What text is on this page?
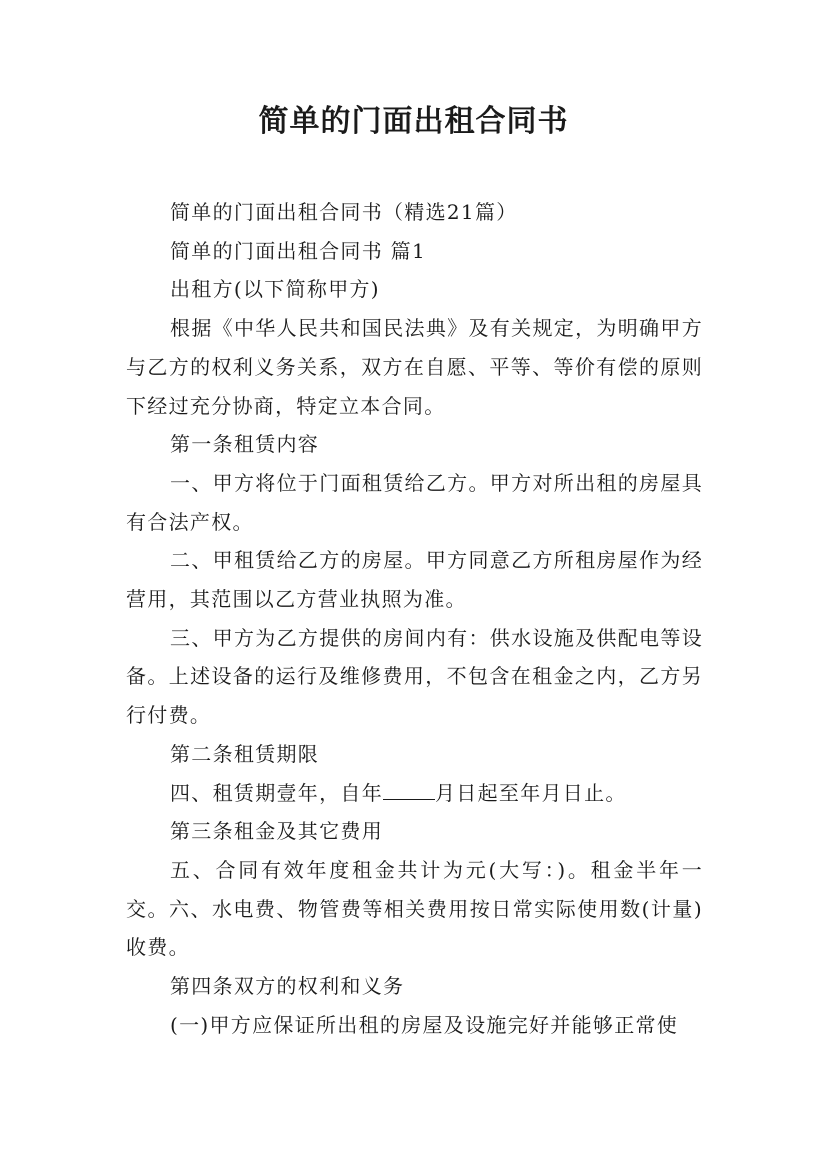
简单的门面出租合同书

简单的门面出租合同书（精选21篇）

简单的门面出租合同书 篇1

出租方(以下简称甲方)

根据《中华人民共和国民法典》及有关规定，为明确甲方与乙方的权利义务关系，双方在自愿、平等、等价有偿的原则下经过充分协商，特定立本合同。

第一条租赁内容

一、甲方将位于门面租赁给乙方。甲方对所出租的房屋具有合法产权。

二、甲租赁给乙方的房屋。甲方同意乙方所租房屋作为经营用，其范围以乙方营业执照为准。

三、甲方为乙方提供的房间内有：供水设施及供配电等设备。上述设备的运行及维修费用，不包含在租金之内，乙方另行付费。

第二条租赁期限

四、租赁期壹年，自年	月日起至年月日止。

第三条租金及其它费用

五、合同有效年度租金共计为元(大写：)。租金半年一交。六、水电费、物管费等相关费用按日常实际使用数(计量)收费。

第四条双方的权利和义务

(一)甲方应保证所出租的房屋及设施完好并能够正常使
